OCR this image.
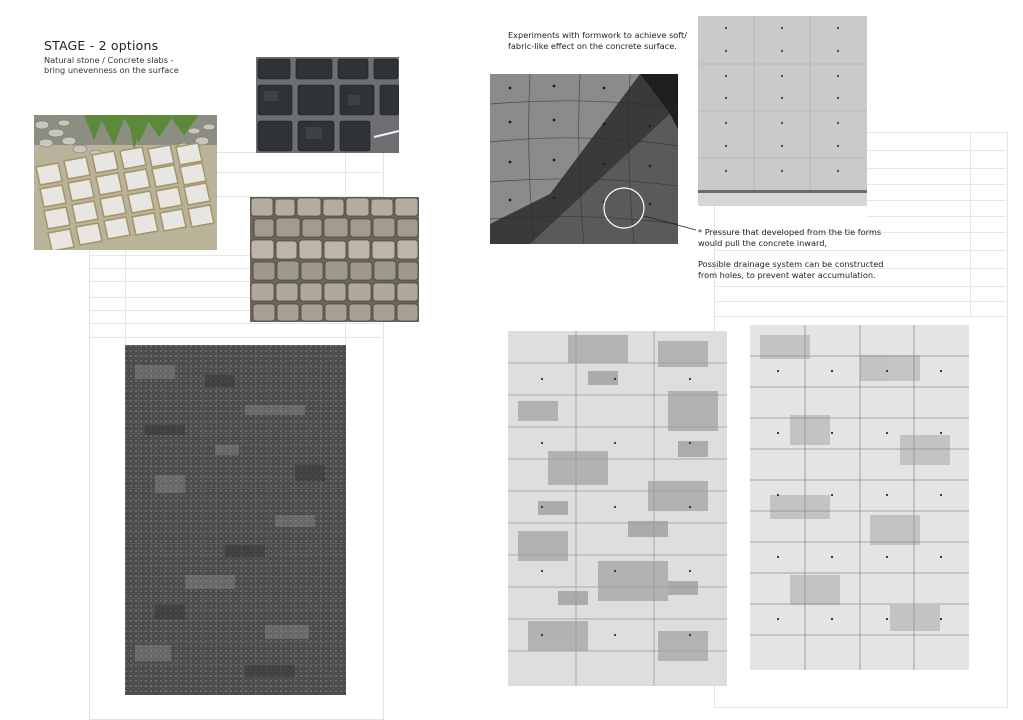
STAGE - 2 options
Natural stone / Concrete slabs -
bring unevenness on the surface
Experiments with formwork to achieve soft/
fabric-like effect on the concrete surface.
* Pressure that developed from the tie forms
would pull the concrete inward,
Possible drainage system can be constructed
from holes, to prevent water accumulation.
